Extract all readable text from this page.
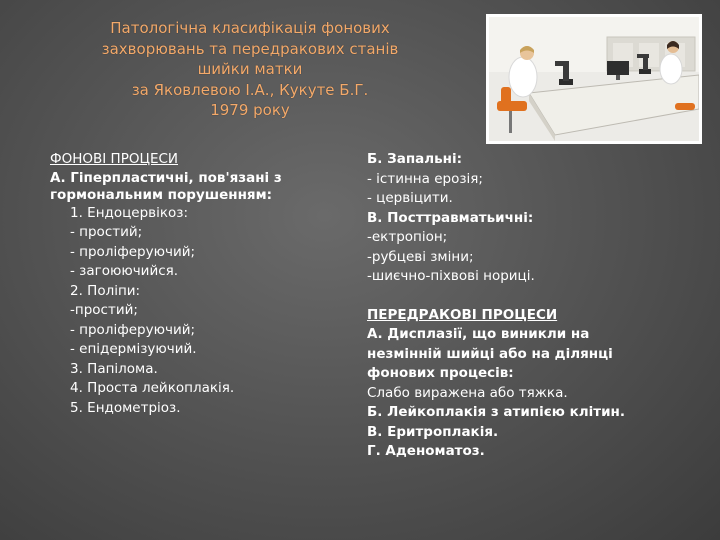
Патологічна класифікація фонових
захворювань та передракових станів
шийки матки
за Яковлевою І.А., Кукуте Б.Г.
1979 року
ФОНОВІ ПРОЦЕСИ
А. Гіперпластичні, пов'язані з
гормональним порушенням:
1. Ендоцервікоз:
- простий;
- проліферуючий;
- загоюючийся.
2. Поліпи:
-простий;
- проліферуючий;
- епідермізуючий.
3. Папілома.
4. Проста лейкоплакія.
5. Ендометріоз.
Б. Запальні:
- істинна ерозія;
- цервіцити.
В. Посттравматьичні:
-ектропіон;
-рубцеві зміни;
-шиєчно-піхвові нориці.
ПЕРЕДРАКОВІ ПРОЦЕСИ
А. Дисплазії, що виникли на
незмінній шийці або на ділянці
фонових процесів:
Слабо виражена або тяжка.
Б. Лейкоплакія з атипією клітин.
В. Еритроплакія.
Г. Аденоматоз.
